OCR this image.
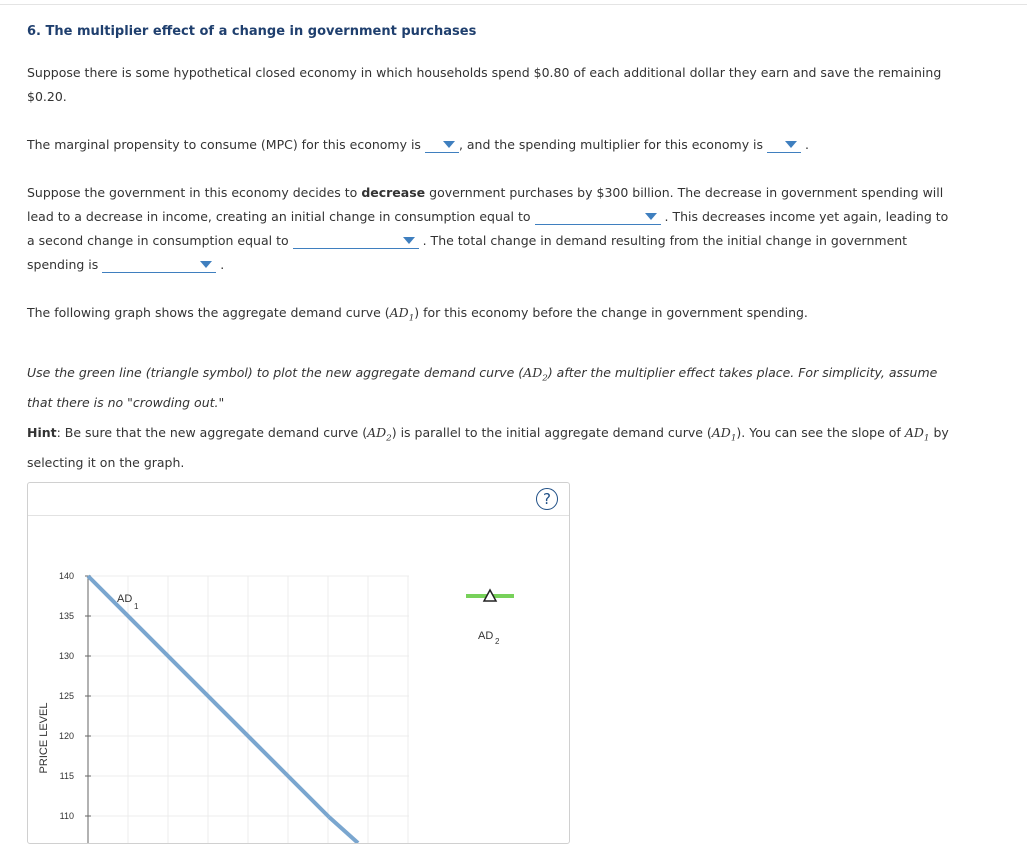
6. The multiplier effect of a change in government purchases
Suppose there is some hypothetical closed economy in which households spend $0.80 of each additional dollar they earn and save the remaining $0.20.
The marginal propensity to consume (MPC) for this economy is	, and the spending multiplier for this economy is	.
Suppose the government in this economy decides to decrease government purchases by $300 billion. The decrease in government spending will lead to a decrease in income, creating an initial change in consumption equal to	. This decreases income yet again, leading to a second change in consumption equal to	. The total change in demand resulting from the initial change in government spending is	.
The following graph shows the aggregate demand curve $(AD_1)$ for this economy before the change in government spending.
Use the green line (triangle symbol) to plot the new aggregate demand curve $(AD_2)$ after the multiplier effect takes place. For simplicity, assume that there is no "crowding out."
Hint: Be sure that the new aggregate demand curve $(AD_2)$ is parallel to the initial aggregate demand curve $(AD_1)$. You can see the slope of $AD_1$ by selecting it on the graph.
?
140
135
130
125
120
115
110
PRICE LEVEL
AD
1
AD 2
